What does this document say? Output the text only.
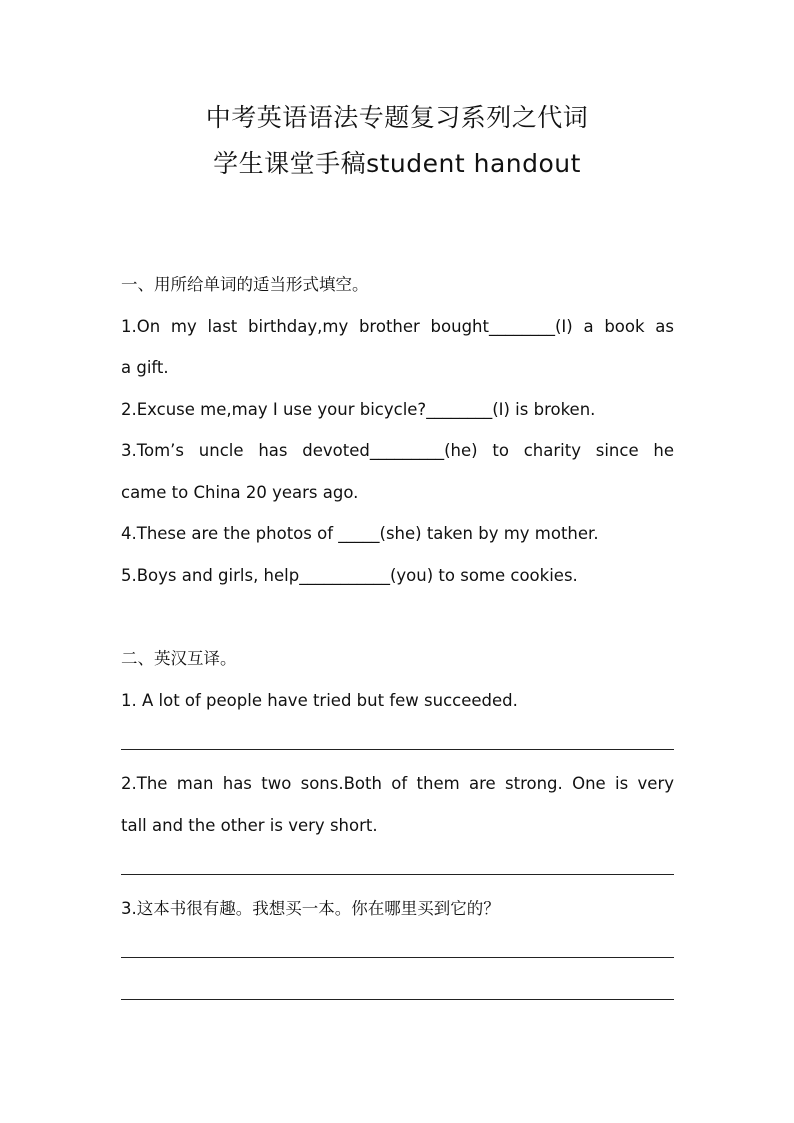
中考英语语法专题复习系列之代词
学生课堂手稿student handout

一、用所给单词的适当形式填空。

1.On my last birthday,my brother bought________(I) a book as

a gift.

2.Excuse me,may I use your bicycle?________(I) is broken.

3.Tom’s uncle has devoted_________(he) to charity since he

came to China 20 years ago.

4.These are the photos of _____(she) taken by my mother.

5.Boys and girls, help___________(you) to some cookies.

二、英汉互译。

1. A lot of people have tried but few succeeded.

2.The man has two sons.Both of them are strong. One is very

tall and the other is very short.

3.这本书很有趣。我想买一本。你在哪里买到它的？
